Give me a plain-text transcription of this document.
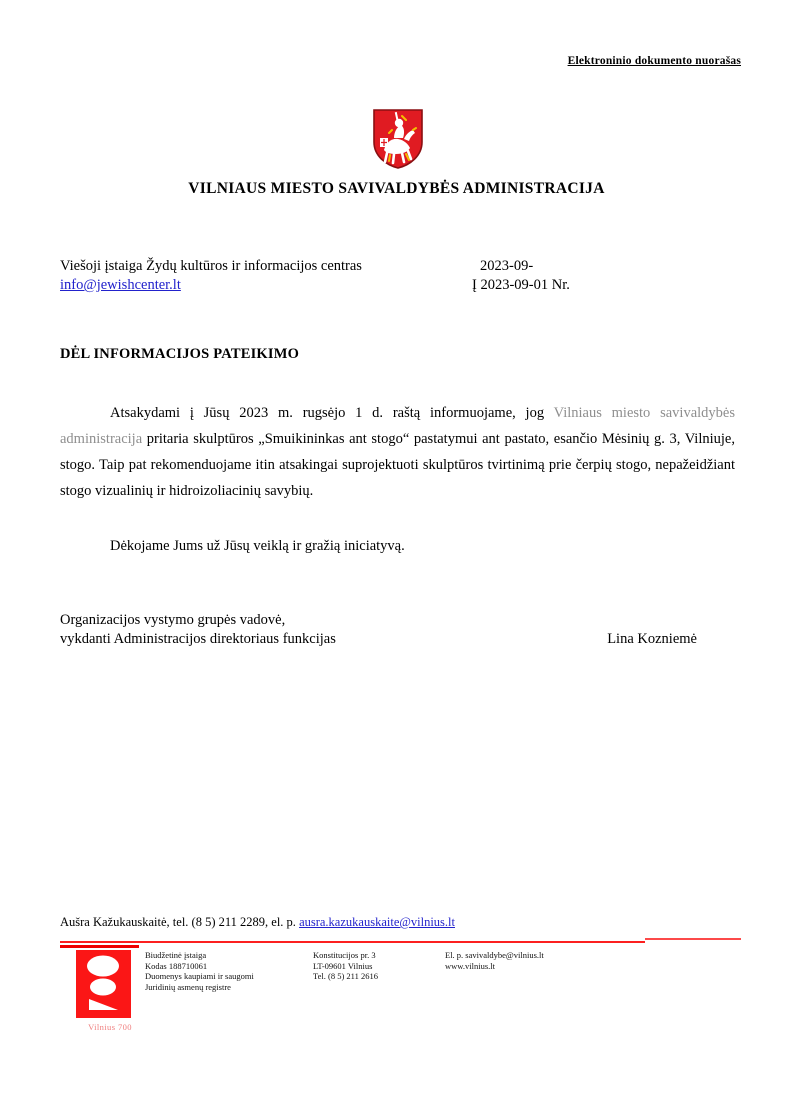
Elektroninio dokumento nuorašas
VILNIAUS MIESTO SAVIVALDYBĖS ADMINISTRACIJA
Viešoji įstaiga Žydų kultūros ir informacijos centras	2023-09-
info@jewishcenter.lt	Į 2023-09-01 Nr.
DĖL INFORMACIJOS PATEIKIMO

Atsakydami į Jūsų 2023 m. rugsėjo 1 d. raštą informuojame, jog Vilniaus miesto savivaldybės administracija pritaria skulptūros „Smuikininkas ant stogo“ pastatymui ant pastato, esančio Mėsinių g. 3, Vilniuje, stogo. Taip pat rekomenduojame itin atsakingai suprojektuoti skulptūros tvirtinimą prie čerpių stogo, nepažeidžiant stogo vizualinių ir hidroizoliacinių savybių.

Dėkojame Jums už Jūsų veiklą ir gražią iniciatyvą.
Organizacijos vystymo grupės vadovė,
vykdanti Administracijos direktoriaus funkcijas	Lina Kozniemė
Aušra Kažukauskaitė, tel. (8 5) 211 2289, el. p. ausra.kazukauskaite@vilnius.lt
Vilnius 700
Biudžetinė įstaiga
Kodas 188710061
Duomenys kaupiami ir saugomi
Juridinių asmenų registre
Konstitucijos pr. 3
LT-09601 Vilnius
Tel. (8 5) 211 2616
El. p. savivaldybe@vilnius.lt
www.vilnius.lt
